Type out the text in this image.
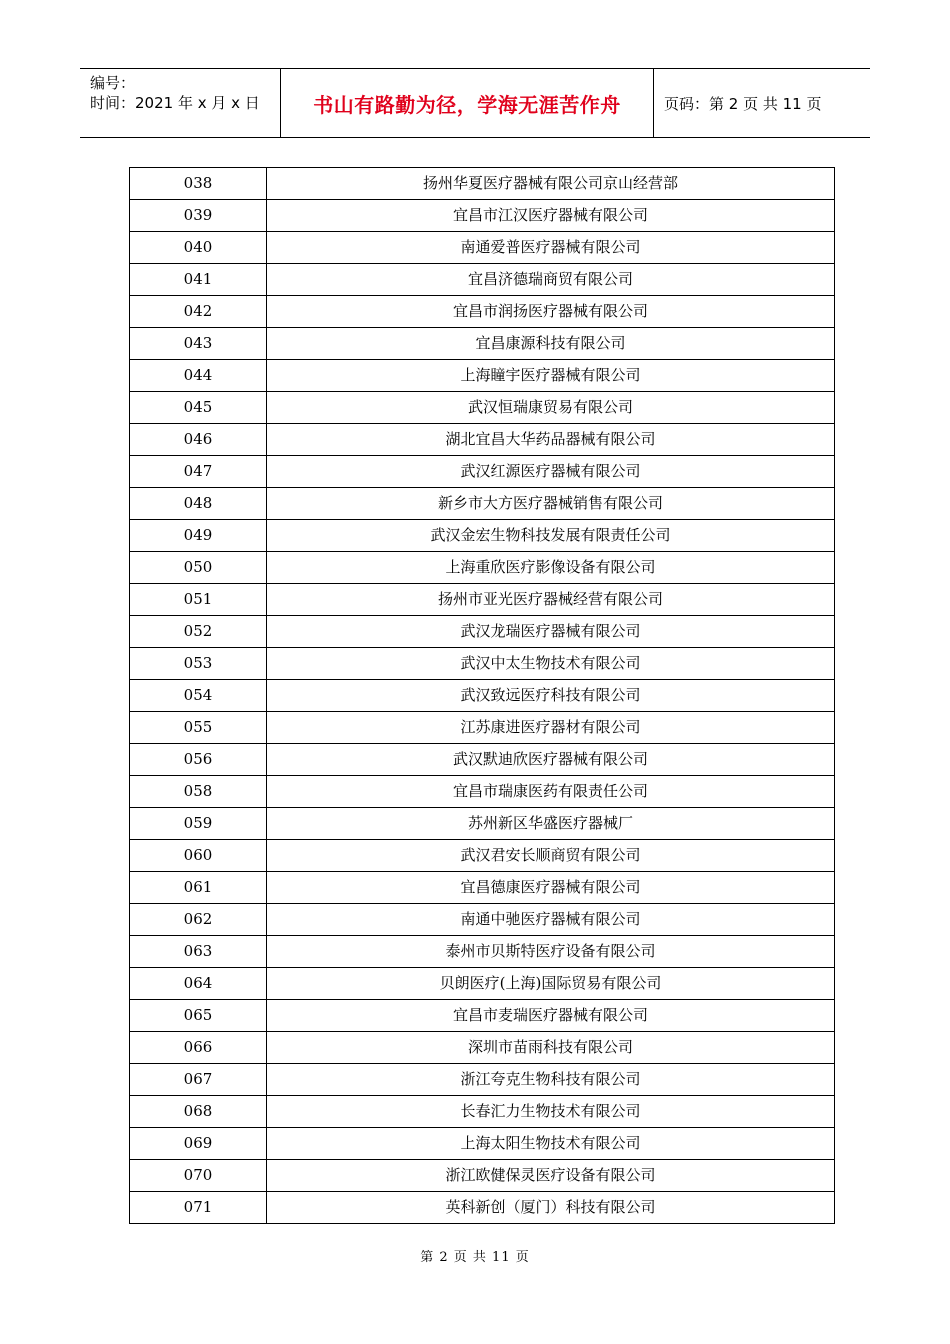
编号：
时间：2021 年 x 月 x 日	书山有路勤为径，学海无涯苦作舟	页码：第 2 页 共 11 页
038	扬州华夏医疗器械有限公司京山经营部
039	宜昌市江汉医疗器械有限公司
040	南通爱普医疗器械有限公司
041	宜昌济德瑞商贸有限公司
042	宜昌市润扬医疗器械有限公司
043	宜昌康源科技有限公司
044	上海瞳宇医疗器械有限公司
045	武汉恒瑞康贸易有限公司
046	湖北宜昌大华药品器械有限公司
047	武汉红源医疗器械有限公司
048	新乡市大方医疗器械销售有限公司
049	武汉金宏生物科技发展有限责任公司
050	上海重欣医疗影像设备有限公司
051	扬州市亚光医疗器械经营有限公司
052	武汉龙瑞医疗器械有限公司
053	武汉中太生物技术有限公司
054	武汉致远医疗科技有限公司
055	江苏康进医疗器材有限公司
056	武汉默迪欣医疗器械有限公司
058	宜昌市瑞康医药有限责任公司
059	苏州新区华盛医疗器械厂
060	武汉君安长顺商贸有限公司
061	宜昌德康医疗器械有限公司
062	南通中驰医疗器械有限公司
063	泰州市贝斯特医疗设备有限公司
064	贝朗医疗(上海)国际贸易有限公司
065	宜昌市麦瑞医疗器械有限公司
066	深圳市苗雨科技有限公司
067	浙江夸克生物科技有限公司
068	长春汇力生物技术有限公司
069	上海太阳生物技术有限公司
070	浙江欧健保灵医疗设备有限公司
071	英科新创（厦门）科技有限公司
第 2 页 共 11 页
